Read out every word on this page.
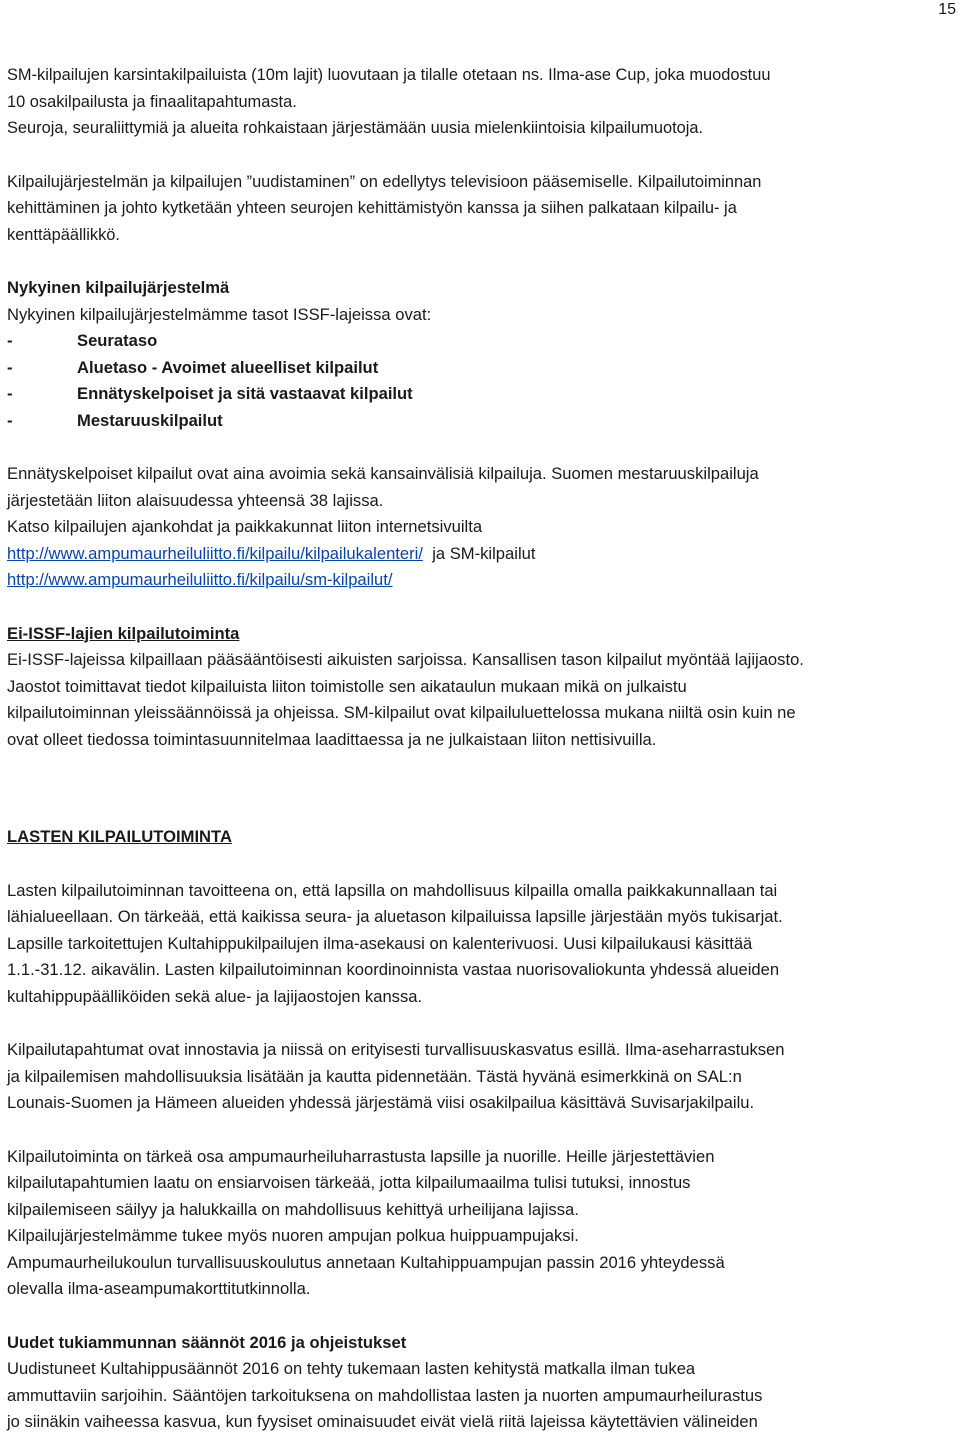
15

SM-kilpailujen karsintakilpailuista (10m lajit) luovutaan ja tilalle otetaan ns. Ilma-ase Cup, joka muodostuu

10 osakilpailusta ja finaalitapahtumasta.

Seuroja, seuraliittymiä ja alueita rohkaistaan järjestämään uusia mielenkiintoisia kilpailumuotoja.

Kilpailujärjestelmän ja kilpailujen ”uudistaminen” on edellytys televisioon pääsemiselle. Kilpailutoiminnan

kehittäminen ja johto kytketään yhteen seurojen kehittämistyön kanssa ja siihen palkataan kilpailu- ja

kenttäpäällikkö.

Nykyinen kilpailujärjestelmä

Nykyinen kilpailujärjestelmämme tasot ISSF-lajeissa ovat:

-	Seurataso
-	Aluetaso - Avoimet alueelliset kilpailut
-	Ennätyskelpoiset ja sitä vastaavat kilpailut
-	Mestaruuskilpailut

Ennätyskelpoiset kilpailut ovat aina avoimia sekä kansainvälisiä kilpailuja. Suomen mestaruuskilpailuja

järjestetään liiton alaisuudessa yhteensä 38 lajissa.

Katso kilpailujen ajankohdat ja paikkakunnat liiton internetsivuilta

http://www.ampumaurheiluliitto.fi/kilpailu/kilpailukalenteri/  ja SM-kilpailut

http://www.ampumaurheiluliitto.fi/kilpailu/sm-kilpailut/

Ei-ISSF-lajien kilpailutoiminta

Ei-ISSF-lajeissa kilpaillaan pääsääntöisesti aikuisten sarjoissa. Kansallisen tason kilpailut myöntää lajijaosto.

Jaostot toimittavat tiedot kilpailuista liiton toimistolle sen aikataulun mukaan mikä on julkaistu

kilpailutoiminnan yleissäännöissä ja ohjeissa. SM-kilpailut ovat kilpailuluettelossa mukana niiltä osin kuin ne

ovat olleet tiedossa toimintasuunnitelmaa laadittaessa ja ne julkaistaan liiton nettisivuilla.

LASTEN KILPAILUTOIMINTA

Lasten kilpailutoiminnan tavoitteena on, että lapsilla on mahdollisuus kilpailla omalla paikkakunnallaan tai

lähialueellaan. On tärkeää, että kaikissa seura- ja aluetason kilpailuissa lapsille järjestään myös tukisarjat.

Lapsille tarkoitettujen Kultahippukilpailujen ilma-asekausi on kalenterivuosi. Uusi kilpailukausi käsittää

1.1.-31.12. aikavälin. Lasten kilpailutoiminnan koordinoinnista vastaa nuorisovaliokunta yhdessä alueiden

kultahippupäälliköiden sekä alue- ja lajijaostojen kanssa.

Kilpailutapahtumat ovat innostavia ja niissä on erityisesti turvallisuuskasvatus esillä. Ilma-aseharrastuksen

ja kilpailemisen mahdollisuuksia lisätään ja kautta pidennetään. Tästä hyvänä esimerkkinä on SAL:n

Lounais-Suomen ja Hämeen alueiden yhdessä järjestämä viisi osakilpailua käsittävä Suvisarjakilpailu.

Kilpailutoiminta on tärkeä osa ampumaurheiluharrastusta lapsille ja nuorille. Heille järjestettävien

kilpailutapahtumien laatu on ensiarvoisen tärkeää, jotta kilpailumaailma tulisi tutuksi, innostus

kilpailemiseen säilyy ja halukkailla on mahdollisuus kehittyä urheilijana lajissa.

Kilpailujärjestelmämme tukee myös nuoren ampujan polkua huippuampujaksi.

Ampumaurheilukoulun turvallisuuskoulutus annetaan Kultahippuampujan passin 2016 yhteydessä

olevalla ilma-aseampumakorttitutkinnolla.

Uudet tukiammunnan säännöt 2016 ja ohjeistukset

Uudistuneet Kultahippusäännöt 2016 on tehty tukemaan lasten kehitystä matkalla ilman tukea

ammuttaviin sarjoihin. Sääntöjen tarkoituksena on mahdollistaa lasten ja nuorten ampumaurheilurastus

jo siinäkin vaiheessa kasvua, kun fyysiset ominaisuudet eivät vielä riitä lajeissa käytettävien välineiden
